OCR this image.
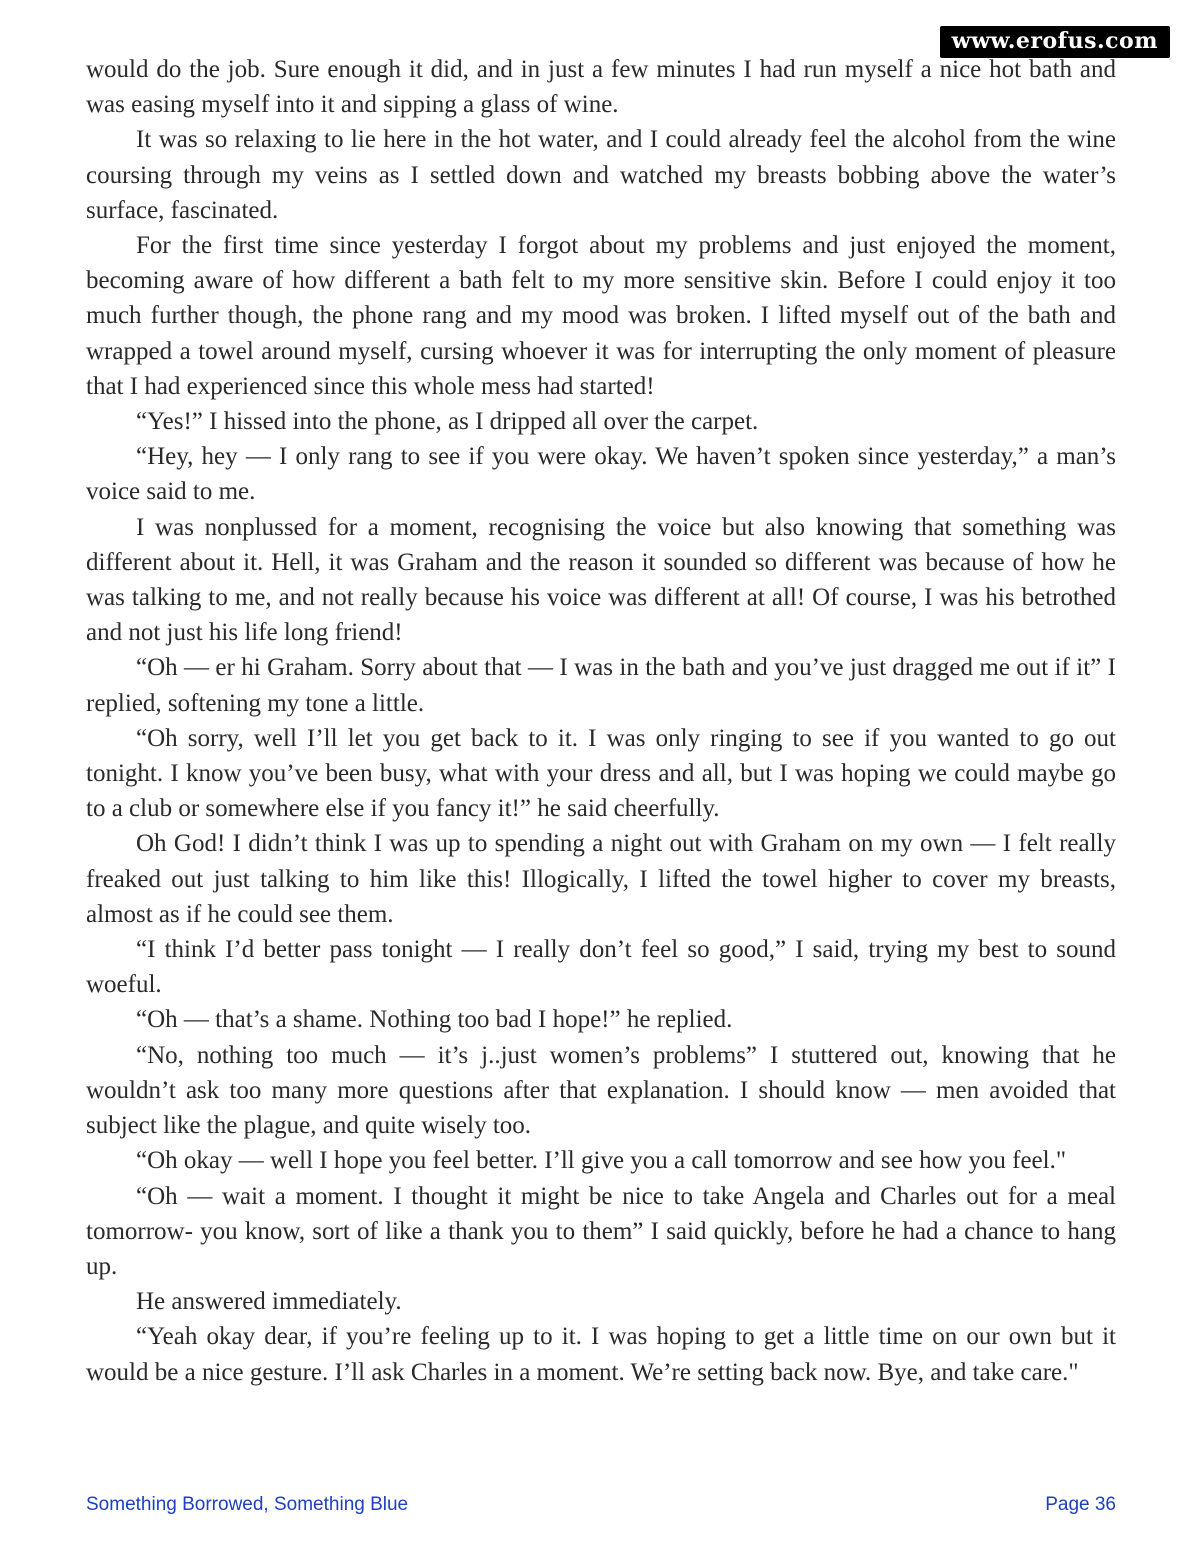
www.erofus.com

would do the job. Sure enough it did, and in just a few minutes I had run myself a nice hot bath and was easing myself into it and sipping a glass of wine.

It was so relaxing to lie here in the hot water, and I could already feel the alcohol from the wine coursing through my veins as I settled down and watched my breasts bobbing above the water’s surface, fascinated.

For the first time since yesterday I forgot about my problems and just enjoyed the moment, becoming aware of how different a bath felt to my more sensitive skin. Before I could enjoy it too much further though, the phone rang and my mood was broken. I lifted myself out of the bath and wrapped a towel around myself, cursing whoever it was for interrupting the only moment of pleasure that I had experienced since this whole mess had started!

“Yes!” I hissed into the phone, as I dripped all over the carpet.

“Hey, hey — I only rang to see if you were okay. We haven’t spoken since yesterday,” a man’s voice said to me.

I was nonplussed for a moment, recognising the voice but also knowing that something was different about it. Hell, it was Graham and the reason it sounded so different was because of how he was talking to me, and not really because his voice was different at all! Of course, I was his betrothed and not just his life long friend!

“Oh — er hi Graham. Sorry about that — I was in the bath and you’ve just dragged me out if it” I replied, softening my tone a little.

“Oh sorry, well I’ll let you get back to it. I was only ringing to see if you wanted to go out tonight. I know you’ve been busy, what with your dress and all, but I was hoping we could maybe go to a club or somewhere else if you fancy it!” he said cheerfully.

Oh God! I didn’t think I was up to spending a night out with Graham on my own — I felt really freaked out just talking to him like this! Illogically, I lifted the towel higher to cover my breasts, almost as if he could see them.

“I think I’d better pass tonight — I really don’t feel so good,” I said, trying my best to sound woeful.

“Oh — that’s a shame. Nothing too bad I hope!” he replied.

“No, nothing too much — it’s j..just women’s problems” I stuttered out, knowing that he wouldn’t ask too many more questions after that explanation. I should know — men avoided that subject like the plague, and quite wisely too.

“Oh okay — well I hope you feel better. I’ll give you a call tomorrow and see how you feel."

“Oh — wait a moment. I thought it might be nice to take Angela and Charles out for a meal tomorrow- you know, sort of like a thank you to them” I said quickly, before he had a chance to hang up.

He answered immediately.

“Yeah okay dear, if you’re feeling up to it. I was hoping to get a little time on our own but it would be a nice gesture. I’ll ask Charles in a moment. We’re setting back now. Bye, and take care."

Something Borrowed, Something Blue	Page 36
